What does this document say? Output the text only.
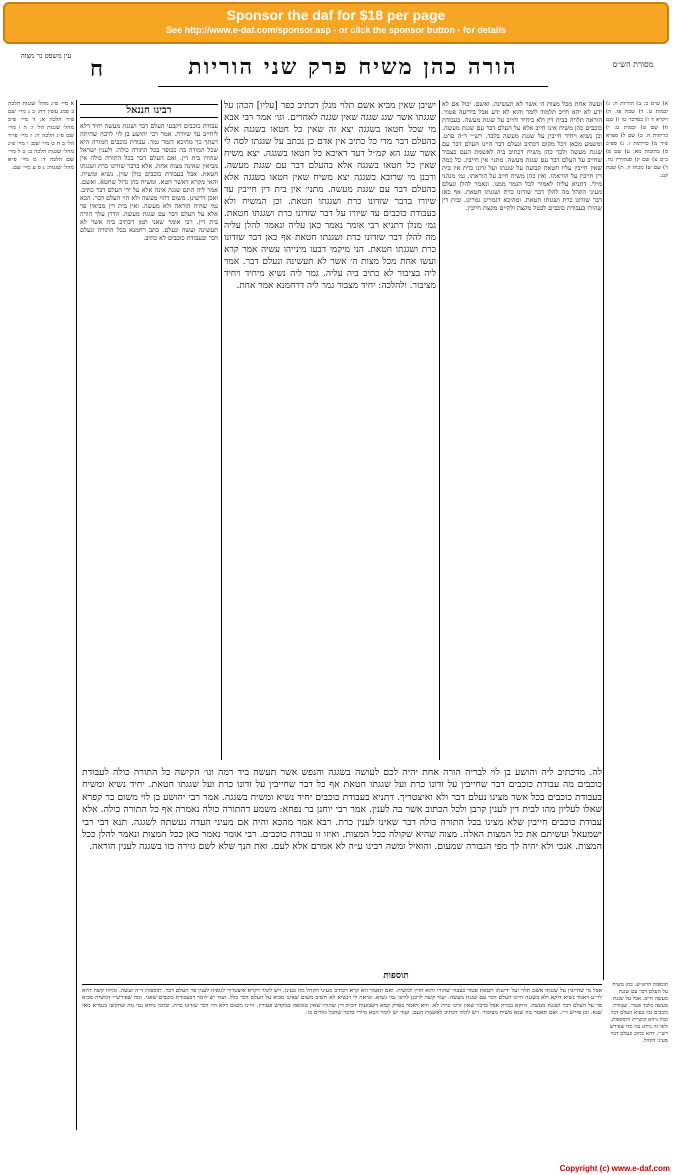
Sponsor the daf for $18 per page
See http://www.e-daf.com/sponsor.asp - or click the sponsor button - for details
מסורת הש״ס
הורה כהן משיח פרק שני הוריות
ח
עין משפט נר מצוה
א) ש״ס כ: ב) הוריות ח: ג) יבמות ט. ד) שבת פז. ה) ויקרא ד ו) במדבר טו ז) שם ח) שם ט) יבמות ט: י) כריתות ח. כ) שם ל) ספרא פ״ד מ) כריתות ז. נ) ספ״ב ס) כתובות מא: ע) שם פ) כ״ט צ) שם ק) סנהדרין נח. ר) שם ש) מכות ה. ת) שבת קנג.
ועשה אחת מכל מצות ה׳ אשר לא תעשינה. ואשם. יכול אם לא ידע לא יהא חייב תלמוד לומר והוא לא ידע אבל בידיעה פטור. הוראה תלויה בבית דין ולא ביחיד וחייב על שגגת מעשה. בעבודת כוכבים כהן משיח אינו חייב אלא על העלם דבר עם שגגת מעשה. וכן נשיא ויחיד חייבין על שגגת מעשה בלבד. רש״י ד״ה פרט. ומשמע מכאן דכל מקום דכתיב ונעלם דבר היינו העלם דבר עם שגגת מעשה ולכך כהן משיח דכתיב ביה לאשמת העם כצבור שחייב על העלם דבר עם שגגת מעשה. מתני׳ אין חייבין. כל כמה שאין חייבין עליו חטאת קבועה על שגגתו ועל זדונו כרת אין בית דין חייבין על הוראתו. ואין כהן משיח חייב על הוראתו. גמ׳ מנהני מילי. דתניא עליה לאמור לכל הגמר ממנו. ונאמר להלן ונעלם מעיני הקהל מה להלן דבר שזדונו כרת ושגגתו חטאת. אף כאן דבר שזדונו כרת ושגגתו חטאת. ומהיכא דגמרינן גמרינן. ובית דין שהורו בעבודת כוכבים לבטל מקצת ולקיים מקצת חייבין.
ישיבן שאין מביא אשם תלוי מנלן דכתיב כפר [עליו] הכהן על שגגתו אשר שגג שגגה שאין שגגה לאחרים. וגו׳ אמר רבי אבא מי שכל חטאו בשגגה יצא זה שאין כל חטאו בשגגה אלא בהעלם דבר מדי כל כתיב אין אדם כן נכתב על שגגתו לסה לי אשר שגג הא קמ״ל דעד דאיכא כל חטאו בשגגה. יצא משיח שאין כל חטאו בשגגה אלא בהעלם דבר עם שגגת מעשה. ורבנן מי שרובא בשגגה יצא משיח שאין חטאו בשגגה אלא בהעלם דבר עם שגגת מעשה. מתני׳ אין בית דין חייבין עד שיורו בדבר שזדונו כרת ושגגתו חטאת. וכן המשיח ולא בעבודת כוכבים עד שיורו על דבר שזדונו כרת ושגגתו חטאת. גמ׳ מנלן דתניא רבי אומר נאמר כאן עליה ונאמר להלן עליה מה להלן דבר שזדונו כרת ושגגתו חטאת אף כאן דבר שזדונו כרת ושגגתו חטאת. הני מיקמי דבעו מינייהו עשיה אמר קרא ועשו אחת מכל מצות ה׳ אשר לא תעשינה ונעלם דבר. אמר ליה בציבור לא כתיב ביה עליה. גמר ליה נשיא מיחיד ויחיד מציבור. ולהלכה: יחיד מצבור גמר ליה דרחמנא אמר אחת.
רבינו חננאל
עבודת כוכבים דקבעי העלם דבר ושגגת מעשה יחיד דלא ליחייב עד שיורה. אמר רבי יהושע בן לוי לרבה שהיתה דעתך כך מהיכא דגמר גמר. עבודת כוכבים חמורה היא שכל המודה בה ככופר בכל התורה כולה. ולענין ישראל שהורו בית דין. ואם העלם דבר בכל התורה כולה אין מביאין שאינה מצוה אחת. אלא בדבר שזדונו כרת ושגגתו חטאת. אבל בעבודת כוכבים כולן שוין. נשיא ומשיח. והאי מקרא דאשר חטא. ומשיח כהן גדול שחטא. ואשם. אמר ליה התם שגגה אינה אלא על ידי העלם דבר כתיב. ואכן דרשינן. משום דהוי מעשה ולא הוי העלם דבר. הכא נמי שהיה הוראה ולא מעשה. ואין בית דין מביאין פר אלא על העלם דבר עם שגגת מעשה. הדרן עלך הורה בית דין. רבי אומר שאני תמן דכתיב ביה אשר לא תעשינה ועשה ונעלם. כתב רחמנא בכל התורה ונעלם דבר ובעבודת כוכבים לא כתיב.
א מיי׳ פ״ג מהל׳ שגגות הלכה ב סמג עשין רח: ב ג מיי׳ שם פ״ד הלכה א: ד מיי׳ פ״ב מהל׳ שגגות הל׳ ו: ה ו מיי׳ שם פ״ג הלכה ה: ז מיי׳ פי״ד הל׳ ב ח ט מיי׳ שם: י מיי׳ פ״ג מהל׳ שגגות הלכה ב: כ ל מיי׳ שם הלכה ד: מ מיי׳ פ״א מהל׳ שגגות: נ ס ע מיי׳ שם.
לה. מדכתיב ליה והושע בן לוי לבריה הורה אחת יהיה לכם לעושה בשגגה והנפש אשר תעשה ביד רמה וגו׳ הקישה כל התורה כולה לעבודת כוכבים מה עבודת כוכבים דבר שחייבין על זדונו כרת ועל שגגתו חטאת אף כל דבר שחייבין על זדונו כרת ועל שגגתו חטאת. יחיד נשיא ומשיח בעבודת כוכבים בכל אשר מצינו נעלם דבר ולא ואיצטריך. דתניא בעבודת כוכבים יחיד נשיא ומשיח בשגגה. אמר רבי יהושע בן לוי משום בר קפרא שאלו לעליון מהו לבית דין לענין קרבן ולכל הכתוב אשר בה לענין. אמר רבי יוחנן בר נפחא: משמע דהתורה כולה נאמרה אף כל התורה כולה. אלא עבודת כוכבים חייבין שלא מצינו בכל התורה כולה דבר שאינו לענין כרת. רבא אמר מהכא והיה אם מעיני העדה נעשתה לשגגה. תנא דבי רבי ישמעאל ועשיתם את כל המצות האלה. מצוה שהיא שקולה ככל המצות. ואיזו זו עבודת כוכבים. רבי אומר נאמר כאן ככל המצות ונאמר להלן ככל המצות. אנכי ולא יהיה לך מפי הגבורה שמעום. והואיל ומשה רבינו ע״ה לא אמרם אלא לעם. ואת הנך שלא לשם גזירה כזו בשגגה לענין הוראה.
תוספות
אבל מי שחייבין על שגגתו אשם תלוי ועל ידיעתו חטאת פטור בצבור שהורו והוא הדין למשיח. ואם תאמר הא קרא דכתיב מעיני הקהל מה בעינן. ויש לומר דקרא איצטריך לגופיה לענין פר העלם דבר. תוספות ד״ה ועשה. ומיהו קשה דהא לר״ע דאמר נשיא דוקא ולא בשגגה היינו העלם דבר עם שגגת מעשה. ועוד קשה לרבנן ליתני נמי נשיא. ונראה לי דנשיא לא חשיב משום שאינו מביא על העלם דבר כלל. ועוד יש לומר דבעבודת כוכבים שאני. ומה שפירש״י דמשיח מביא פר על העלם דבר ושגגת מעשה. ודוקא בכרת אבל בדבר שאין זדונו כרת לא. והא דאמר בפרק קמא דשבועות דבית דין שהורו שאין טומאה במקדש פטורין. היינו משום דלא הוי דבר שזדונו כרת. ובהכי ניחא נמי מה שהקשו בגמרא מאי שנא. וכן פירש ר״י. ואם תאמר מה שנא משיח מציבור. ויש לומר דכתיב לאשמת העם. ועוד יש לומר הכא מיירי בדבר שהכל מודים בו.
תוספות הרא״ש. כהן משיח על העלם דבר עם שגגת מעשה חייב. אבל על שגגת מעשה בלבד פטור. ועבודת כוכבים נמי בעיא העלם דבר. ובזה ניחא קושיית התוספות. ולפי זה ניחא נמי מה שפירש רש״י. דהא כתיב ונעלם דבר מעיני הקהל.
Copyright (c) www.e-daf.com
